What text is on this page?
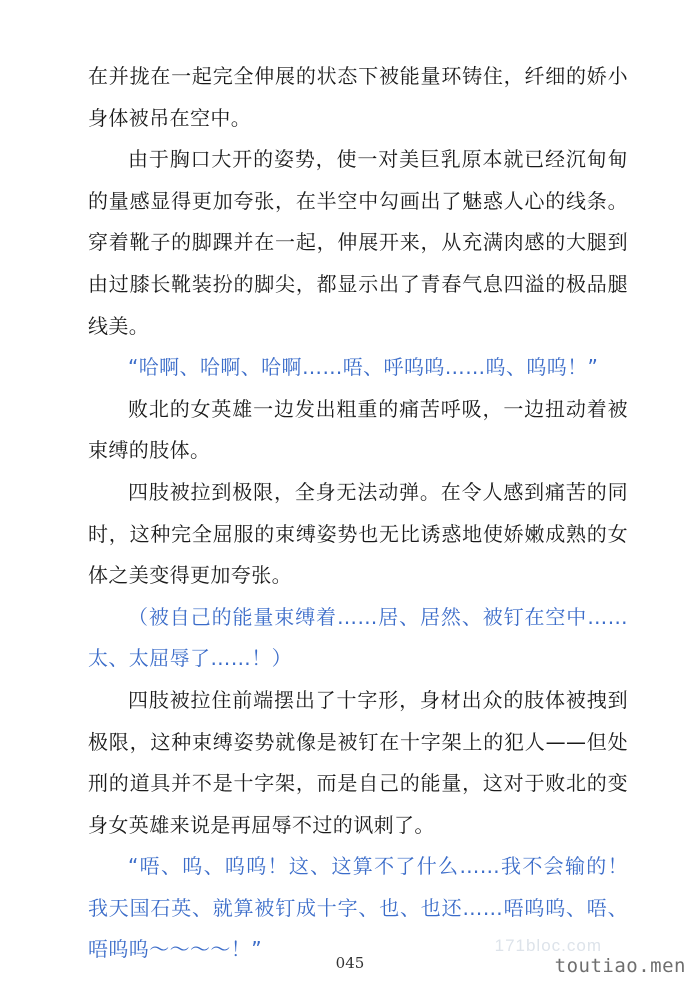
在并拢在一起完全伸展的状态下被能量环铸住，纤细的娇小身体被吊在空中。

由于胸口大开的姿势，使一对美巨乳原本就已经沉甸甸的量感显得更加夸张，在半空中勾画出了魅惑人心的线条。穿着靴子的脚踝并在一起，伸展开来，从充满肉感的大腿到由过膝长靴装扮的脚尖，都显示出了青春气息四溢的极品腿线美。

“哈啊、哈啊、哈啊……唔、呼呜呜……呜、呜呜！”

败北的女英雄一边发出粗重的痛苦呼吸，一边扭动着被束缚的肢体。

四肢被拉到极限，全身无法动弹。在令人感到痛苦的同时，这种完全屈服的束缚姿势也无比诱惑地使娇嫩成熟的女体之美变得更加夸张。

（被自己的能量束缚着……居、居然、被钉在空中……太、太屈辱了……！）

四肢被拉住前端摆出了十字形，身材出众的肢体被拽到极限，这种束缚姿势就像是被钉在十字架上的犯人——但处刑的道具并不是十字架，而是自己的能量，这对于败北的变身女英雄来说是再屈辱不过的讽刺了。

“唔、呜、呜呜！这、这算不了什么……我不会输的！我天国石英、就算被钉成十字、也、也还……唔呜呜、唔、唔呜呜～～～～！”

045
171bloc.com
toutiao.men
